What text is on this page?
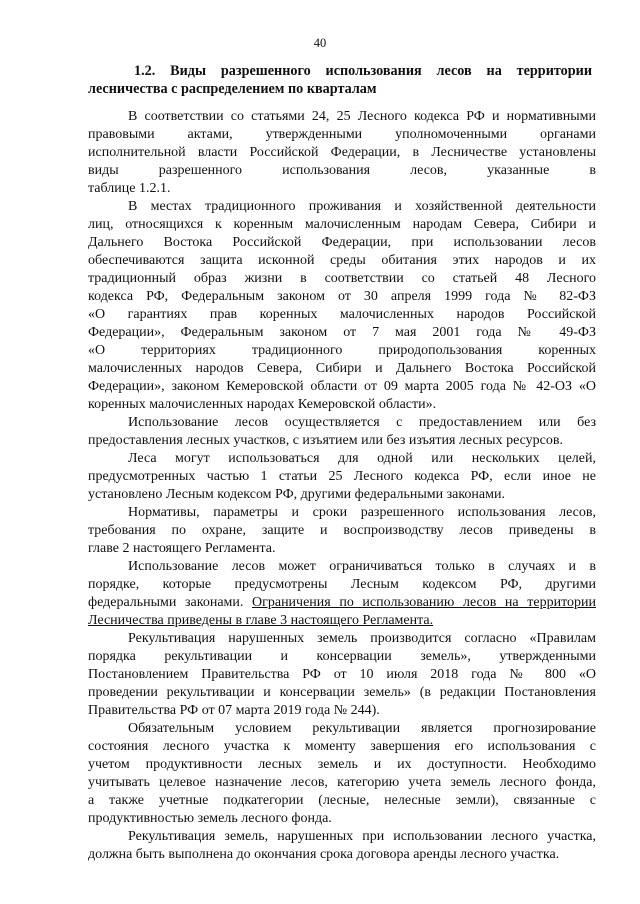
40
1.2. Виды разрешенного использования лесов на территории
лесничества с распределением по кварталам
В соответствии со статьями 24, 25 Лесного кодекса РФ и нормативными
правовыми актами, утвержденными уполномоченными органами
исполнительной власти Российской Федерации, в Лесничестве установлены
виды разрешенного использования лесов, указанные в
таблице 1.2.1.
В местах традиционного проживания и хозяйственной деятельности
лиц, относящихся к коренным малочисленным народам Севера, Сибири и
Дальнего Востока Российской Федерации, при использовании лесов
обеспечиваются защита исконной среды обитания этих народов и их
традиционный образ жизни в соответствии со статьей 48 Лесного
кодекса РФ, Федеральным законом от 30 апреля 1999 года № 82-ФЗ
«О гарантиях прав коренных малочисленных народов Российской
Федерации», Федеральным законом от 7 мая 2001 года № 49-ФЗ
«О территориях традиционного природопользования коренных
малочисленных народов Севера, Сибири и Дальнего Востока Российской
Федерации», законом Кемеровской области от 09 марта 2005 года № 42-ОЗ «О
коренных малочисленных народах Кемеровской области».
Использование лесов осуществляется с предоставлением или без
предоставления лесных участков, с изъятием или без изъятия лесных ресурсов.
Леса могут использоваться для одной или нескольких целей,
предусмотренных частью 1 статьи 25 Лесного кодекса РФ, если иное не
установлено Лесным кодексом РФ, другими федеральными законами.
Нормативы, параметры и сроки разрешенного использования лесов,
требования по охране, защите и воспроизводству лесов приведены в
главе 2 настоящего Регламента.
Использование лесов может ограничиваться только в случаях и в
порядке, которые предусмотрены Лесным кодексом РФ, другими
федеральными законами. Ограничения по использованию лесов на территории
Лесничества приведены в главе 3 настоящего Регламента.
Рекультивация нарушенных земель производится согласно «Правилам
порядка рекультивации и консервации земель», утвержденными
Постановлением Правительства РФ от 10 июля 2018 года № 800 «О
проведении рекультивации и консервации земель» (в редакции Постановления
Правительства РФ от 07 марта 2019 года № 244).
Обязательным условием рекультивации является прогнозирование
состояния лесного участка к моменту завершения его использования с
учетом продуктивности лесных земель и их доступности. Необходимо
учитывать целевое назначение лесов, категорию учета земель лесного фонда,
а также учетные подкатегории (лесные, нелесные земли), связанные с
продуктивностью земель лесного фонда.
Рекультивация земель, нарушенных при использовании лесного участка,
должна быть выполнена до окончания срока договора аренды лесного участка.
